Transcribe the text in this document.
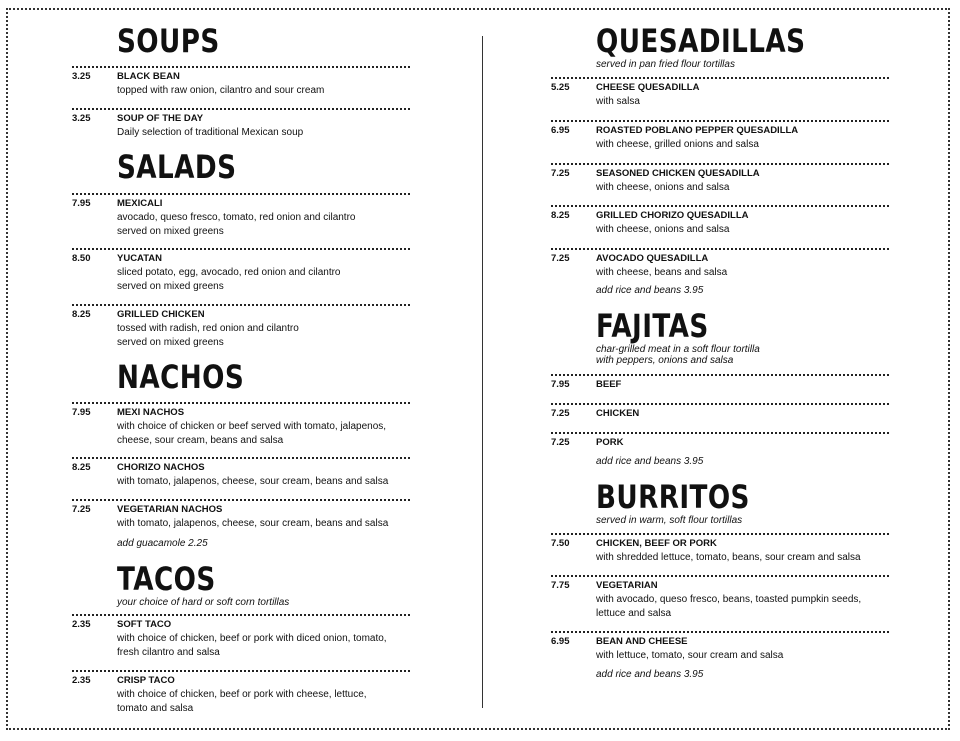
SOUPS
3.25	BLACK BEAN
topped with raw onion, cilantro and sour cream
3.25	SOUP OF THE DAY
Daily selection of traditional Mexican soup
SALADS
7.95	MEXICALI
avocado, queso fresco, tomato, red onion and cilantro
served on mixed greens
8.50	YUCATAN
sliced potato, egg, avocado, red onion and cilantro
served on mixed greens
8.25	GRILLED CHICKEN
tossed with radish, red onion and cilantro
served on mixed greens
NACHOS
7.95	MEXI NACHOS
with choice of chicken or beef served with tomato, jalapenos,
cheese, sour cream, beans and salsa
8.25	CHORIZO NACHOS
with tomato, jalapenos, cheese, sour cream, beans and salsa
7.25	VEGETARIAN NACHOS
with tomato, jalapenos, cheese, sour cream, beans and salsa
add guacamole 2.25
TACOS
your choice of hard or soft corn tortillas
2.35	SOFT TACO
with choice of chicken, beef or pork with diced onion, tomato,
fresh cilantro and salsa
2.35	CRISP TACO
with choice of chicken, beef or pork with cheese, lettuce,
tomato and salsa
QUESADILLAS
served in pan fried flour tortillas
5.25	CHEESE QUESADILLA
with salsa
6.95	ROASTED POBLANO PEPPER QUESADILLA
with cheese, grilled onions and salsa
7.25	SEASONED CHICKEN QUESADILLA
with cheese, onions and salsa
8.25	GRILLED CHORIZO QUESADILLA
with cheese, onions and salsa
7.25	AVOCADO QUESADILLA
with cheese, beans and salsa
add rice and beans 3.95
FAJITAS
char-grilled meat in a soft flour tortilla
with peppers, onions and salsa
7.95	BEEF
7.25	CHICKEN
7.25	PORK
add rice and beans 3.95
BURRITOS
served in warm, soft flour tortillas
7.50	CHICKEN, BEEF OR PORK
with shredded lettuce, tomato, beans, sour cream and salsa
7.75	VEGETARIAN
with avocado, queso fresco, beans, toasted pumpkin seeds,
lettuce and salsa
6.95	BEAN AND CHEESE
with lettuce, tomato, sour cream and salsa
add rice and beans 3.95
